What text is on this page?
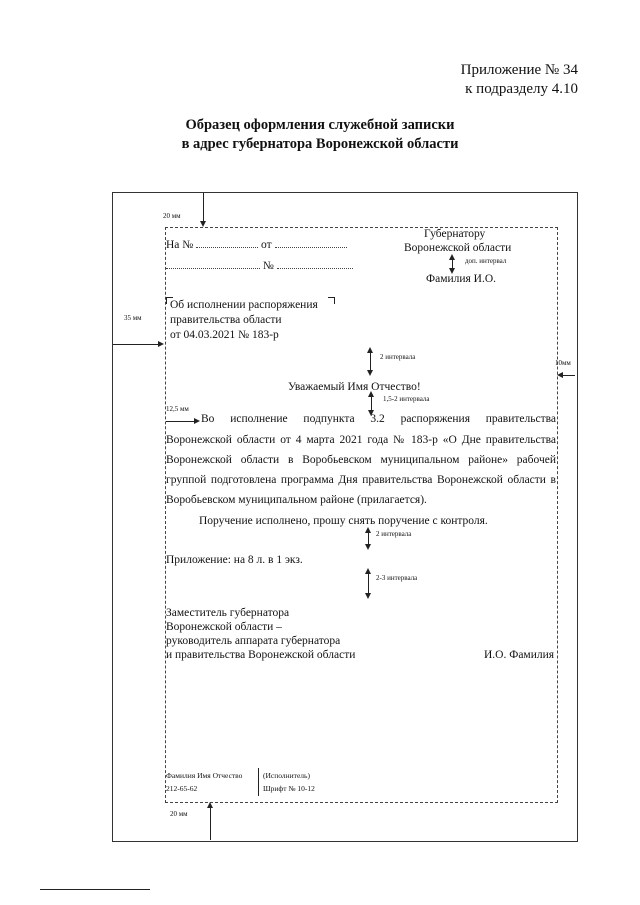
Приложение № 34
к подразделу 4.10
Образец оформления служебной записки
в адрес губернатора Воронежской области
20 мм
35 мм
10мм
20 мм
На №	от
№
Губернатору
Воронежской области
доп. интервал
Фамилия И.О.
Об исполнении распоряжения
правительства области
от 04.03.2021 № 183-р
2 интервала
Уважаемый Имя Отчество!
1,5-2 интервала
12,5 мм
Во исполнение подпункта 3.2 распоряжения правительства
Воронежской области от 4 марта 2021 года № 183-р «О Дне правительства
Воронежской области в Воробьевском муниципальном районе» рабочей
группой подготовлена программа Дня правительства Воронежской области в
Воробьевском муниципальном районе (прилагается).
Поручение исполнено, прошу снять поручение с контроля.
2 интервала
Приложение: на 8 л. в 1 экз.
2-3 интервала
Заместитель губернатора
Воронежской области –
руководитель аппарата губернатора
и правительства Воронежской области	И.О. Фамилия
Фамилия Имя Отчество
212-65-62
(Исполнитель)
Шрифт № 10-12
